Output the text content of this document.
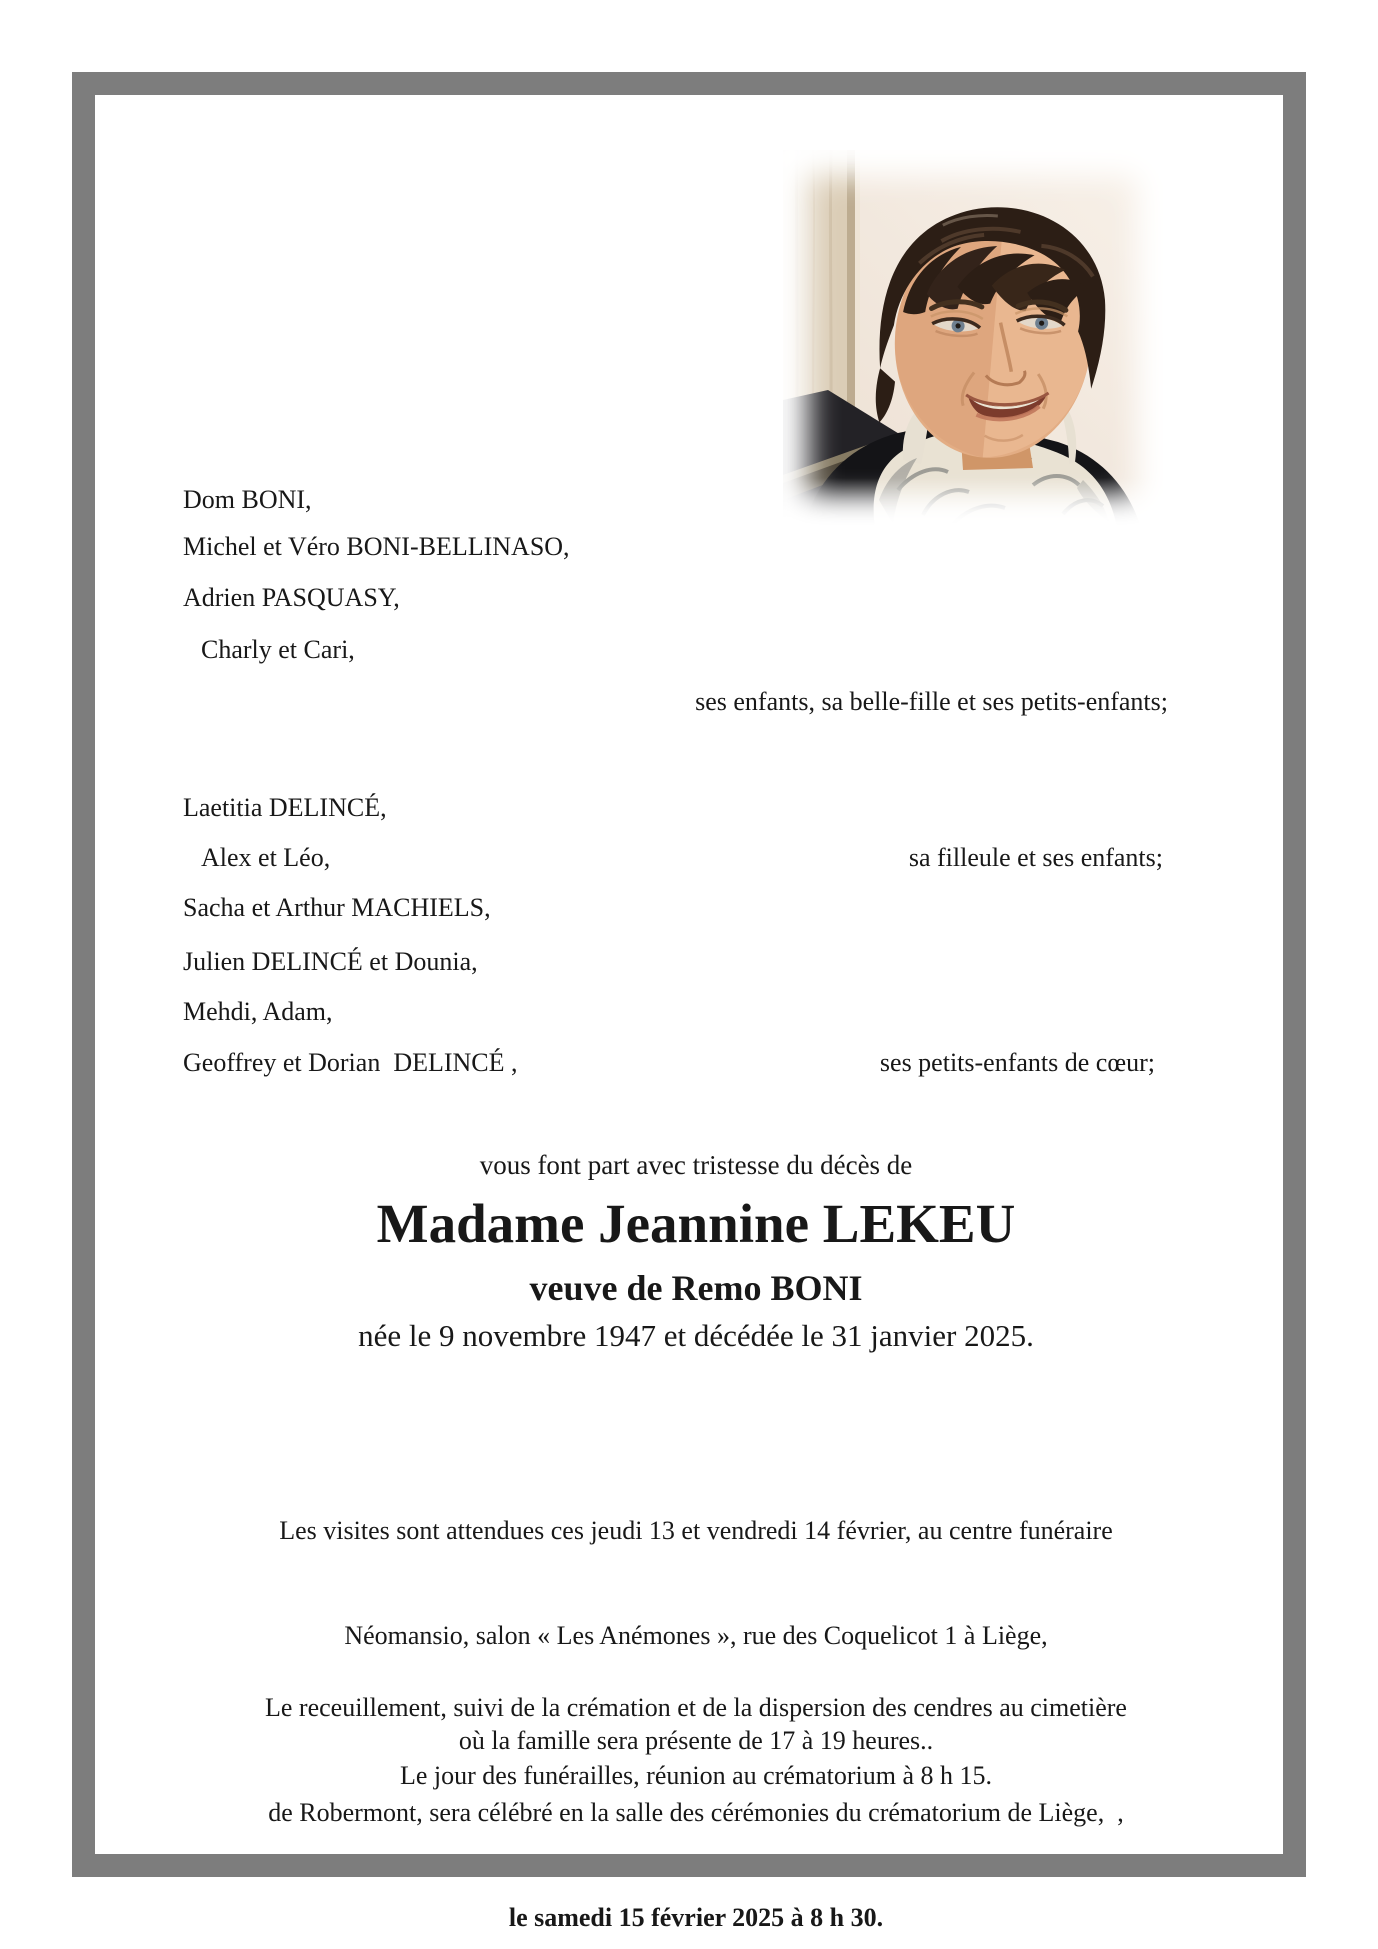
Dom BONI,
Michel et Véro BONI-BELLINASO,
Adrien PASQUASY,
Charly et Cari,
ses enfants, sa belle-fille et ses petits-enfants;
Laetitia DELINCÉ,
Alex et Léo,	sa filleule et ses enfants;
Sacha et Arthur MACHIELS,
Julien DELINCÉ et Dounia,
Mehdi, Adam,
Geoffrey et Dorian  DELINCÉ ,	ses petits-enfants de cœur;
vous font part avec tristesse du décès de
Madame Jeannine LEKEU
veuve de Remo BONI
née le 9 novembre 1947 et décédée le 31 janvier 2025.

Les visites sont attendues ces jeudi 13 et vendredi 14 février, au centre funéraire

Néomansio, salon « Les Anémones », rue des Coquelicot 1 à Liège,

où la famille sera présente de 17 à 19 heures..

Le receuillement, suivi de la crémation et de la dispersion des cendres au cimetière

de Robermont, sera célébré en la salle des cérémonies du crématorium de Liège,  ,

le samedi 15 février 2025 à 8 h 30.

Le jour des funérailles, réunion au crématorium à 8 h 15.
